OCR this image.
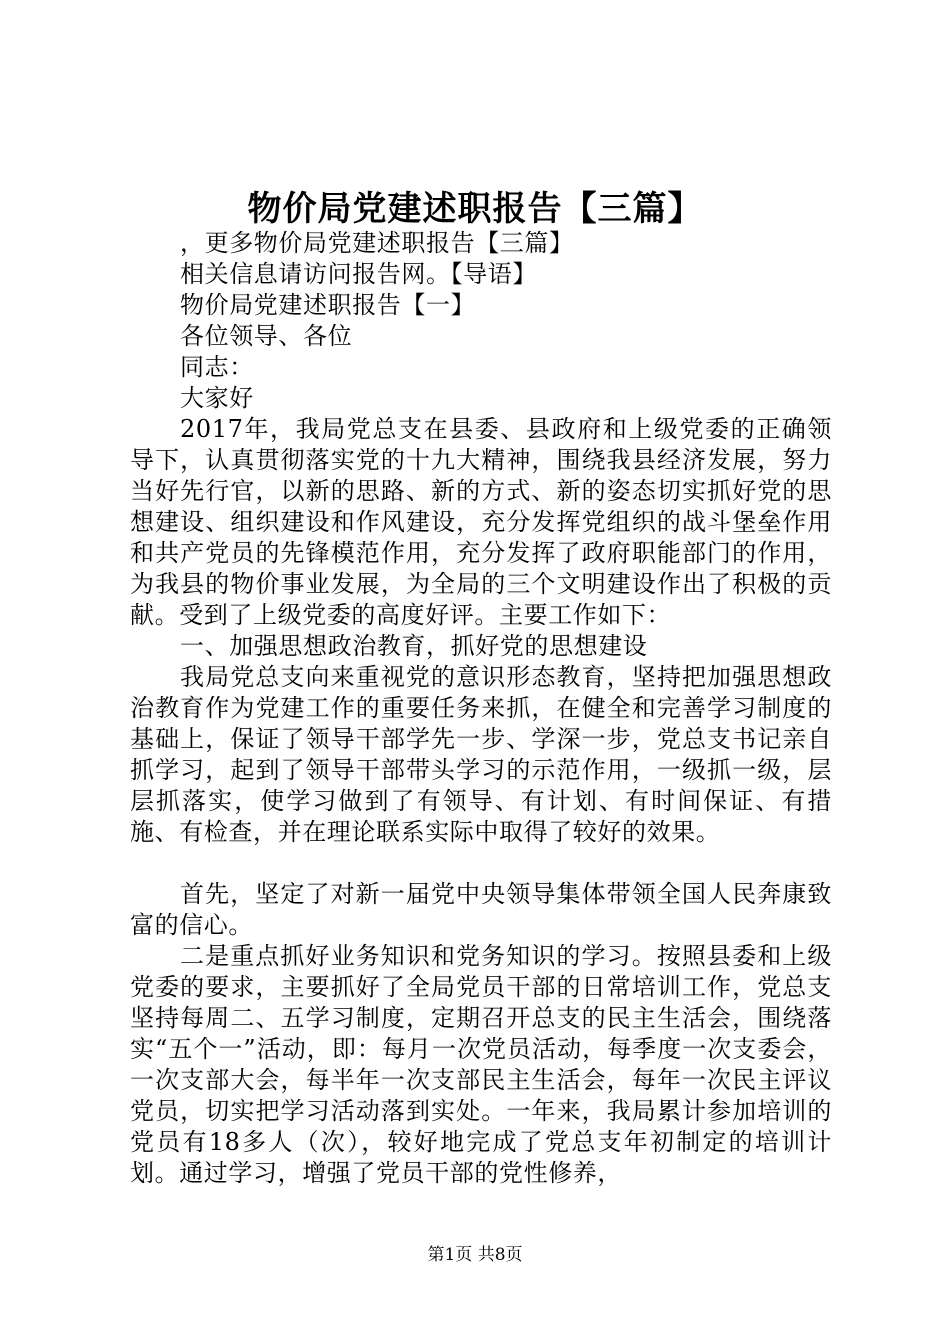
物价局党建述职报告【三篇】

，更多物价局党建述职报告【三篇】

相关信息请访问报告网。【导语】

物价局党建述职报告【一】

各位领导、各位

同志：

大家好

2017年，我局党总支在县委、县政府和上级党委的正确领导下，认真贯彻落实党的十九大精神，围绕我县经济发展，努力当好先行官，以新的思路、新的方式、新的姿态切实抓好党的思想建设、组织建设和作风建设，充分发挥党组织的战斗堡垒作用和共产党员的先锋模范作用，充分发挥了政府职能部门的作用，为我县的物价事业发展，为全局的三个文明建设作出了积极的贡献。受到了上级党委的高度好评。主要工作如下：

一、加强思想政治教育，抓好党的思想建设

我局党总支向来重视党的意识形态教育，坚持把加强思想政治教育作为党建工作的重要任务来抓，在健全和完善学习制度的基础上，保证了领导干部学先一步、学深一步，党总支书记亲自抓学习，起到了领导干部带头学习的示范作用，一级抓一级，层层抓落实，使学习做到了有领导、有计划、有时间保证、有措施、有检查，并在理论联系实际中取得了较好的效果。

首先，坚定了对新一届党中央领导集体带领全国人民奔康致富的信心。

二是重点抓好业务知识和党务知识的学习。按照县委和上级党委的要求，主要抓好了全局党员干部的日常培训工作，党总支坚持每周二、五学习制度，定期召开总支的民主生活会，围绕落实“五个一”活动，即：每月一次党员活动，每季度一次支委会，一次支部大会，每半年一次支部民主生活会，每年一次民主评议党员，切实把学习活动落到实处。一年来，我局累计参加培训的党员有18多人（次），较好地完成了党总支年初制定的培训计划。通过学习，增强了党员干部的党性修养，

第1页 共8页
